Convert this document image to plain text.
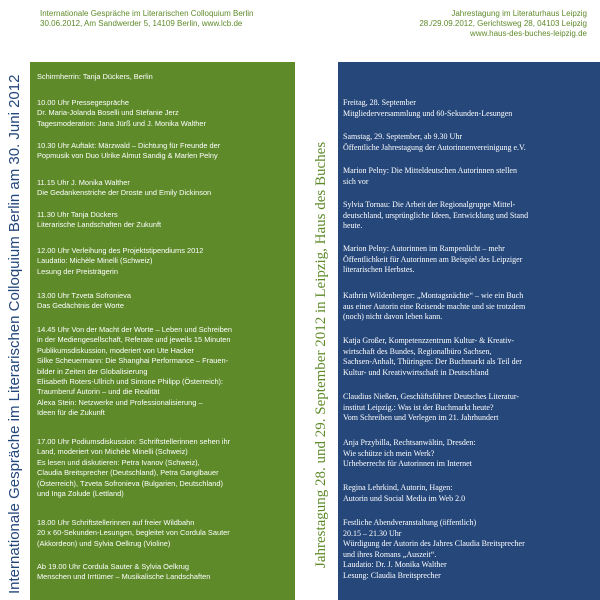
Internationale Gespräche im Literarischen Colloquium Berlin
30.06.2012, Am Sandwerder 5, 14109 Berlin, www.lcb.de
Jahrestagung im Literaturhaus Leipzig
28./29.09.2012, Gerichtsweg 28, 04103 Leipzig
www.haus-des-buches-leipzig.de
Internationale Gespräche im Literarischen Colloquium Berlin am 30. Juni 2012	Jahrestagung 28. und 29. September 2012 in Leipzig, Haus des Buches
Schirmherrin: Tanja Dückers, Berlin
10.00 Uhr Pressegespräche
Dr. Maria-Jolanda Boselli und Stefanie Jerz
Tagesmoderation: Jana Jürß und J. Monika Walther
10.30 Uhr Auftakt: Märzwald – Dichtung für Freunde der
Popmusik von Duo Ulrike Almut Sandig & Marlen Pelny
11.15 Uhr J. Monika Walther
Die Gedankenstriche der Droste und Emily Dickinson
11.30 Uhr Tanja Dückers
Literarische Landschaften der Zukunft
12.00 Uhr Verleihung des Projektstipendiums 2012
Laudatio: Michèle Minelli (Schweiz)
Lesung der Preisträgerin
13.00 Uhr Tzveta Sofronieva
Das Gedächtnis der Worte
14.45 Uhr Von der Macht der Worte – Leben und Schreiben
in der Mediengesellschaft, Referate und jeweils 15 Minuten
Publikumsdiskussion, moderiert von Ute Hacker
Silke Scheuermann: Die Shanghai Performance – Frauen-
bilder in Zeiten der Globalisierung
Elisabeth Roters-Ullrich und Simone Philipp (Österreich):
Traumberuf Autorin – und die Realität
Alexa Stein: Netzwerke und Professionalisierung –
Ideen für die Zukunft
17.00 Uhr Podiumsdiskussion: Schriftstellerinnen sehen ihr
Land, moderiert von Michèle Minelli (Schweiz)
Es lesen und diskutieren: Petra Ivanov (Schweiz),
Claudia Breitsprecher (Deutschland), Petra Ganglbauer
(Österreich), Tzveta Sofronieva (Bulgarien, Deutschland)
und Inga Zolude (Lettland)
18.00 Uhr Schriftstellerinnen auf freier Wildbahn
20 x 60-Sekunden-Lesungen, begleitet von Cordula Sauter
(Akkordeon) und Sylvia Oelkrug (Violine)
Ab 19.00 Uhr Cordula Sauter & Sylvia Oelkrug
Menschen und Irrtümer – Musikalische Landschaften
Freitag, 28. September
Mitgliederversammlung und 60-Sekunden-Lesungen
Samstag, 29. September, ab 9.30 Uhr
Öffentliche Jahrestagung der Autorinnenvereinigung e.V.
Marion Pelny: Die Mitteldeutschen Autorinnen stellen
sich vor
Sylvia Tornau: Die Arbeit der Regionalgruppe Mittel-
deutschland, ursprüngliche Ideen, Entwicklung und Stand
heute.
Marion Pelny: Autorinnen im Rampenlicht – mehr
Öffentlichkeit für Autorinnen am Beispiel des Leipziger
literarischen Herbstes.
Kathrin Wildenberger: „Montagsnächte“ – wie ein Buch
aus einer Autorin eine Reisende machte und sie trotzdem
(noch) nicht davon leben kann.
Katja Großer, Kompetenzzentrum Kultur- & Kreativ-
wirtschaft des Bundes, Regionalbüro Sachsen,
Sachsen-Anhalt, Thüringen: Der Buchmarkt als Teil der
Kultur- und Kreativwirtschaft in Deutschland
Claudius Nießen, Geschäftsführer Deutsches Literatur-
institut Leipzig.: Was ist der Buchmarkt heute?
Vom Schreiben und Verlegen im 21. Jahrhundert
Anja Przybilla, Rechtsanwältin, Dresden:
Wie schütze ich mein Werk?
Urheberrecht für Autorinnen im Internet
Regina Lehrkind, Autorin, Hagen:
Autorin und Social Media im Web 2.0
Festliche Abendveranstaltung (öffentlich)
20.15 – 21.30 Uhr
Würdigung der Autorin des Jahres Claudia Breitsprecher
und ihres Romans „Auszeit“.
Laudatio: Dr. J. Monika Walther
Lesung: Claudia Breitsprecher
